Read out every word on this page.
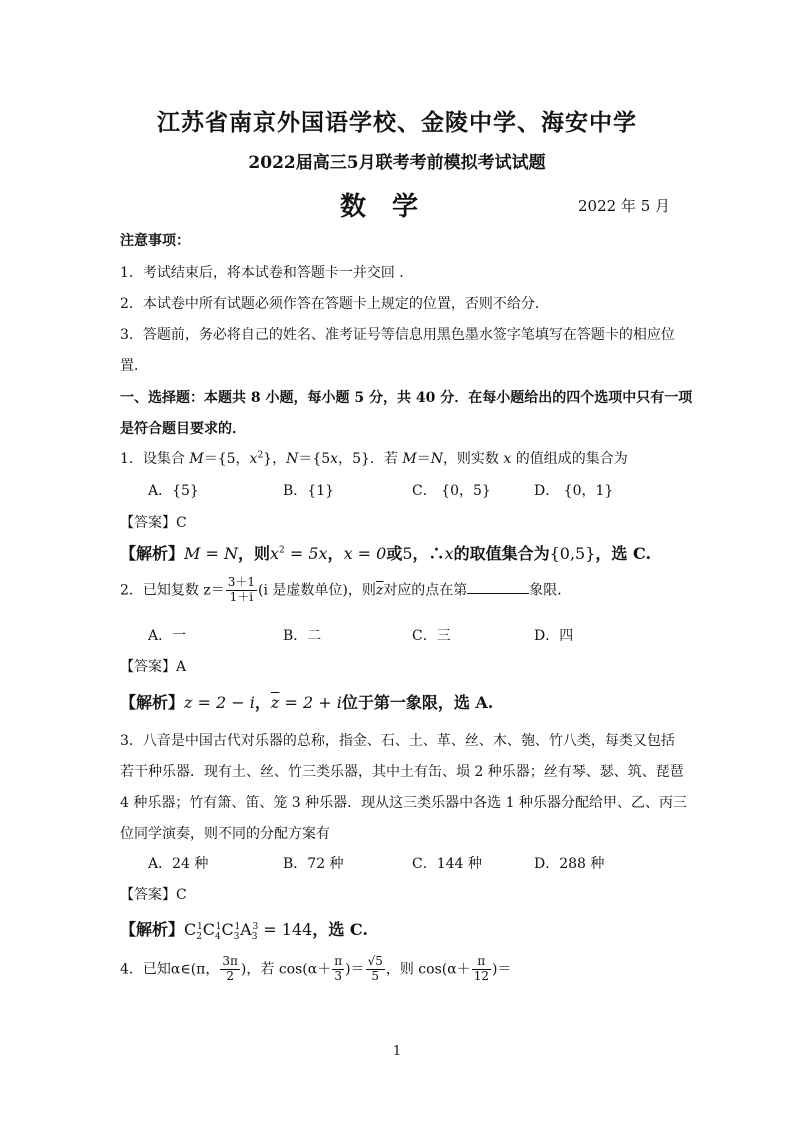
江苏省南京外国语学校、金陵中学、海安中学
2022届高三5月联考考前模拟考试试题
数学	2022 年 5 月
注意事项：
1．考试结束后，将本试卷和答题卡一并交回 ．
2．本试卷中所有试题必须作答在答题卡上规定的位置，否则不给分．
3．答题前，务必将自己的姓名、准考证号等信息用黑色墨水签字笔填写在答题卡的相应位
置．
一、选择题：本题共 8 小题，每小题 5 分，共 40 分．在每小题给出的四个选项中只有一项
是符合题目要求的．
1．设集合 M＝{5，$x^2$}，N＝{5x，5}．若 M＝N，则实数 x 的值组成的集合为
A．{5}	B．{1}	C． {0，5}	D． {0，1}
【答案】C
【解析】M = N，则$x^2 = 5x$，x = 0或5，∴x的取值集合为{0,5}，选 C.
2．已知复数 $z= \frac{3+1}{1+i} (i$ 是虚数单位)，则$\overline{z}$对应的点在第	象限．
A．一	B．二	C．三	D．四
【答案】A
【解析】z = 2 − i，$\overline{z} = 2 + i$位于第一象限，选 A.
3．八音是中国古代对乐器的总称，指金、石、土、革、丝、木、匏、竹八类，每类又包括
若干种乐器．现有土、丝、竹三类乐器，其中土有缶、埙 2 种乐器；丝有琴、瑟、筑、琵琶
4 种乐器；竹有箫、笛、笼 3 种乐器．现从这三类乐器中各选 1 种乐器分配给甲、乙、丙三
位同学演奏，则不同的分配方案有
A．24 种	B．72 种	C．144 种	D．288 种
【答案】C
【解析】$C_2^1C_4^1C_3^1A_3^3 = 144$，选 C.
4．已知α∈(π， $\frac{3\pi}{2}$ )，若 $\cos(\alpha+ \frac{\pi}{3}$ )＝ $\frac{√5}{5}$ ，则 $\cos(\alpha+ \frac{\pi}{12}$ )＝
1
